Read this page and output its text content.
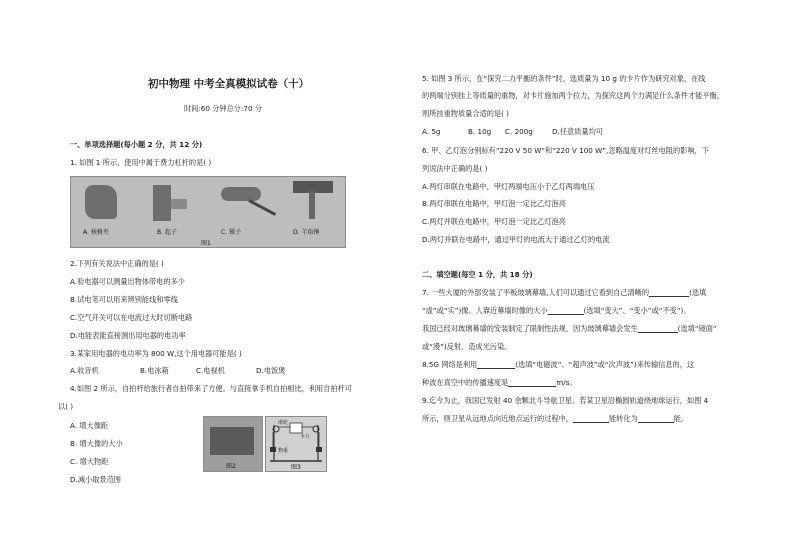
初中物理 中考全真模拟试卷（十）
时间:60 分钟总分:70 分
一、单项选择题(每小题 2 分，共 12 分)
1. 如图 1 所示，使用中属于费力杠杆的是( )
A. 核桃夹	B. 起子	C. 镊子	D. 羊角锤
图1
2.下列有关说法中正确的是( )
A.验电器可以测量出物体带电的多少
B.试电笔可以用来辨别能线和零线
C.空气开关可以在电流过大时切断电路
D.电能表能直接测出用电器的电功率
3.某家用电器的电功率为 800 W,这个用电器可能是( )
A.收音机	B.电冰箱	C.电视机	D.电饭煲
4.如图 2 所示，自拍杆给旅行者自拍带来了方便。与直接拿手机自拍相比，利用自拍杆可
以( )
A. 增大像距
B. 增大像的大小
C. 增大物距
D.减小取景范围
图2
滑轮
卡片
物重
图3
5. 如图 3 所示，在“探究二力平衡的条件”时，选质量为 10 g 的卡片作为研究对象，在线
的两端分别挂上等质量的重物，对卡片施加两个拉力，为探究这两个力满足什么条件才能平衡，
则所挂重物质量合适的是( )
A. 5g	B. 10g C. 200g	D.任意质量均可
6. 甲、乙灯泡分别标有“220 V 50 W”和“220 V 100 W”,忽略温度对灯丝电阻的影响，下
列说法中正确的是( )
A.两灯串联在电路中，甲灯两端电压小于乙灯两端电压
B.两灯串联在电路中，甲灯泡一定比乙灯泡亮
C.两灯并联在电路中，甲灯泡一定比乙灯泡亮
D.两灯并联在电路中，通过甲灯的电流大于通过乙灯的电流
二、填空题(每空 1 分，共 18 分)
7. 一些大厦的外部安装了平板玻璃幕墙,人们可以通过它看到自己清晰的	(选填
“虚”或“实”)像。人靠近幕墙时像的大小	(选填“变大”、“变小”或“不变”)。
我国已经对玻璃幕墙的安装制定了限制性法规，因为玻璃幕墙会发生	(选填“镜面”
或“漫”)反射，造成光污染。
8.5G 网络是利用	(选填“电磁波”、“超声波”或“次声波”)来传输信息的，这
种波在真空中的传播速度是	m/s。
9.迄今为止，我国已发射 40 余颗北斗导航卫星。若某卫星沿椭圆轨道绕地球运行，如图 4
所示，则卫星从远地点向近地点运行的过程中，	能转化为	能。
